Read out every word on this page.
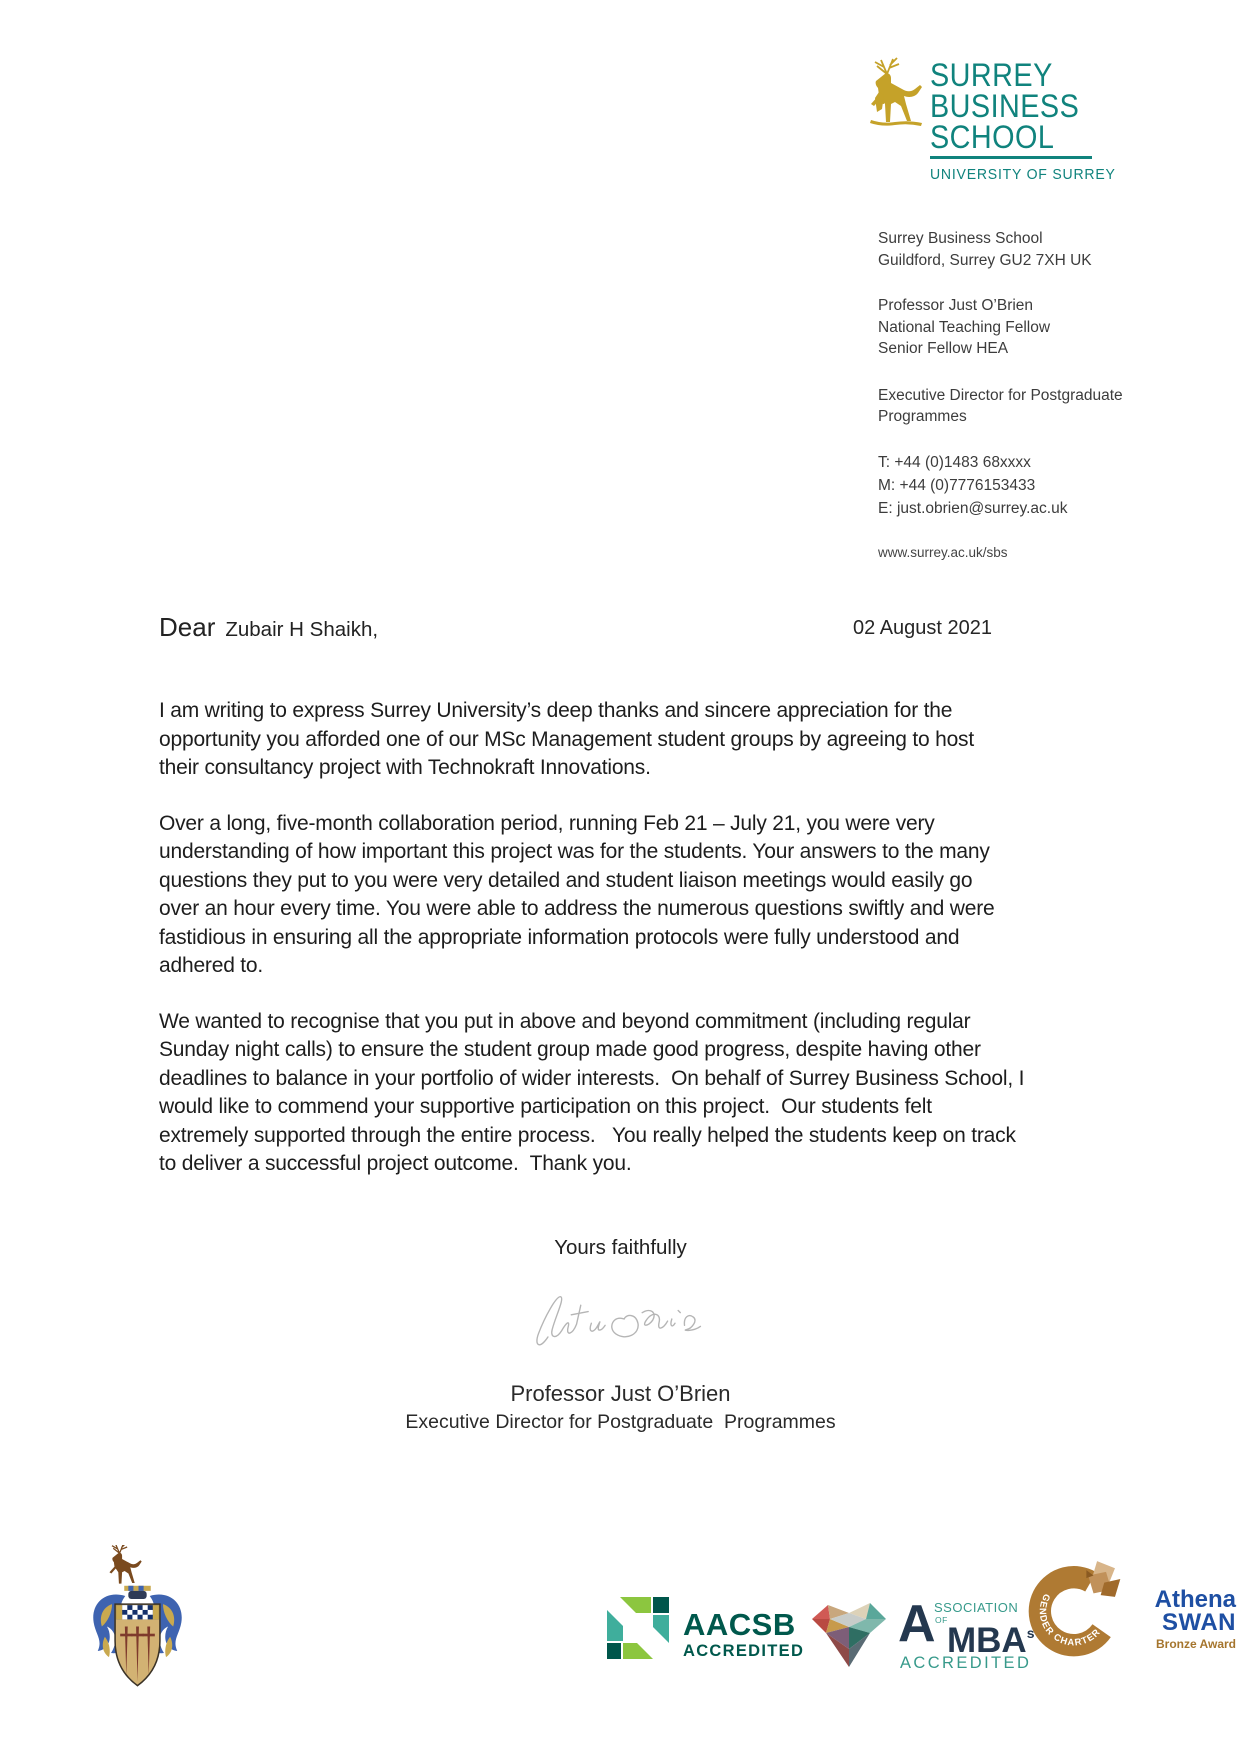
SURREY
BUSINESS
SCHOOL
UNIVERSITY OF SURREY
Surrey Business School
Guildford, Surrey GU2 7XH UK
Professor Just O’Brien
National Teaching Fellow
Senior Fellow HEA
Executive Director for Postgraduate Programmes
T: +44 (0)1483 68xxxx
M: +44 (0)7776153433
E: just.obrien@surrey.ac.uk
www.surrey.ac.uk/sbs
Dear Zubair H Shaikh,	02 August 2021
I am writing to express Surrey University’s deep thanks and sincere appreciation for the
opportunity you afforded one of our MSc Management student groups by agreeing to host
their consultancy project with Technokraft Innovations.
Over a long, five-month collaboration period, running Feb 21 – July 21, you were very
understanding of how important this project was for the students. Your answers to the many
questions they put to you were very detailed and student liaison meetings would easily go
over an hour every time. You were able to address the numerous questions swiftly and were
fastidious in ensuring all the appropriate information protocols were fully understood and
adhered to.
We wanted to recognise that you put in above and beyond commitment (including regular
Sunday night calls) to ensure the student group made good progress, despite having other
deadlines to balance in your portfolio of wider interests.  On behalf of Surrey Business School, I
would like to commend your supportive participation on this project.  Our students felt
extremely supported through the entire process.   You really helped the students keep on track
to deliver a successful project outcome.  Thank you.
Yours faithfully
Professor Just O’Brien
Executive Director for Postgraduate  Programmes
AACSB
ACCREDITED A
SSOCIATION
OF
MBA$^s$
ACCREDITED
GENDER CHARTER
Athena
SWAN
Bronze Award
